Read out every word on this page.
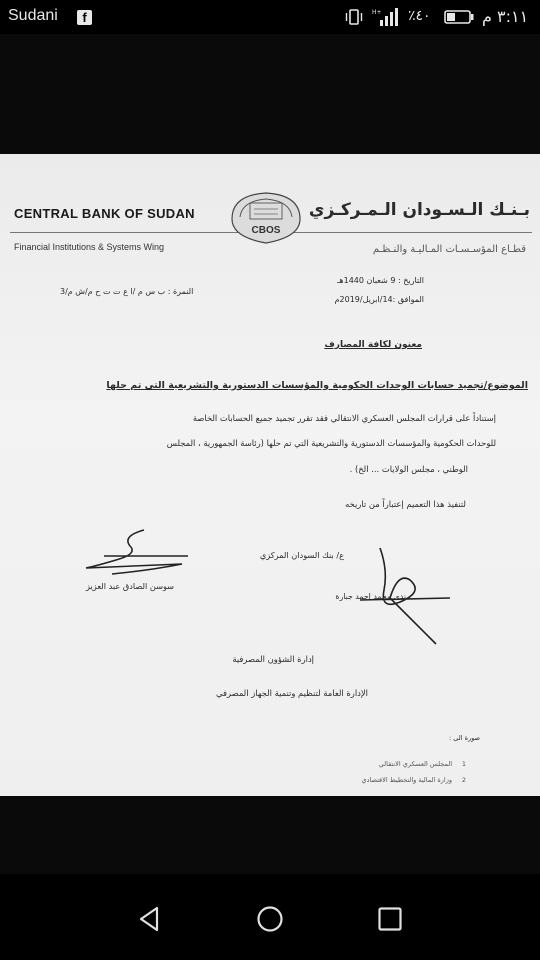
Sudani	f	H+ ٪٤٠	٣:١١ م
CENTRAL BANK OF SUDAN
Financial Institutions & Systems Wing
CBOS
بـنـك الـسـودان الـمـركـزي
قطـاع المؤسـسـات المـاليـة والنـظـم
التاريخ : 9 شعبان 1440هـ
الموافق :14/ابريل/2019م
النمرة : ب س م /ا ع ت ت ح م/ش م/3
معنون لكافة المصارف
الموضوع/تجميد حسابات الوحدات الحكومية والمؤسسات الدستورية والتشريعية التي تم حلها
إستناداً على قرارات المجلس العسكري الانتقالي فقد تقرر تجميد جميع الحسابات الخاصة
للوحدات الحكومية والمؤسسات الدستورية والتشريعية التي تم حلها (رئاسة الجمهورية ، المجلس
الوطني ، مجلس الولايات ... الخ) .
لتنفيذ هذا التعميم إعتباراً من تاريخه
ع/ بنك السودان المركزي
سوسن الصادق عبد العزيز
ندى محمد احمد جبارة
إدارة الشؤون المصرفية
الإدارة العامة لتنظيم وتنمية الجهاز المصرفي
صورة الى :
1
المجلس العسكري الانتقالي
2
وزارة المالية والتخطيط الاقتصادي
